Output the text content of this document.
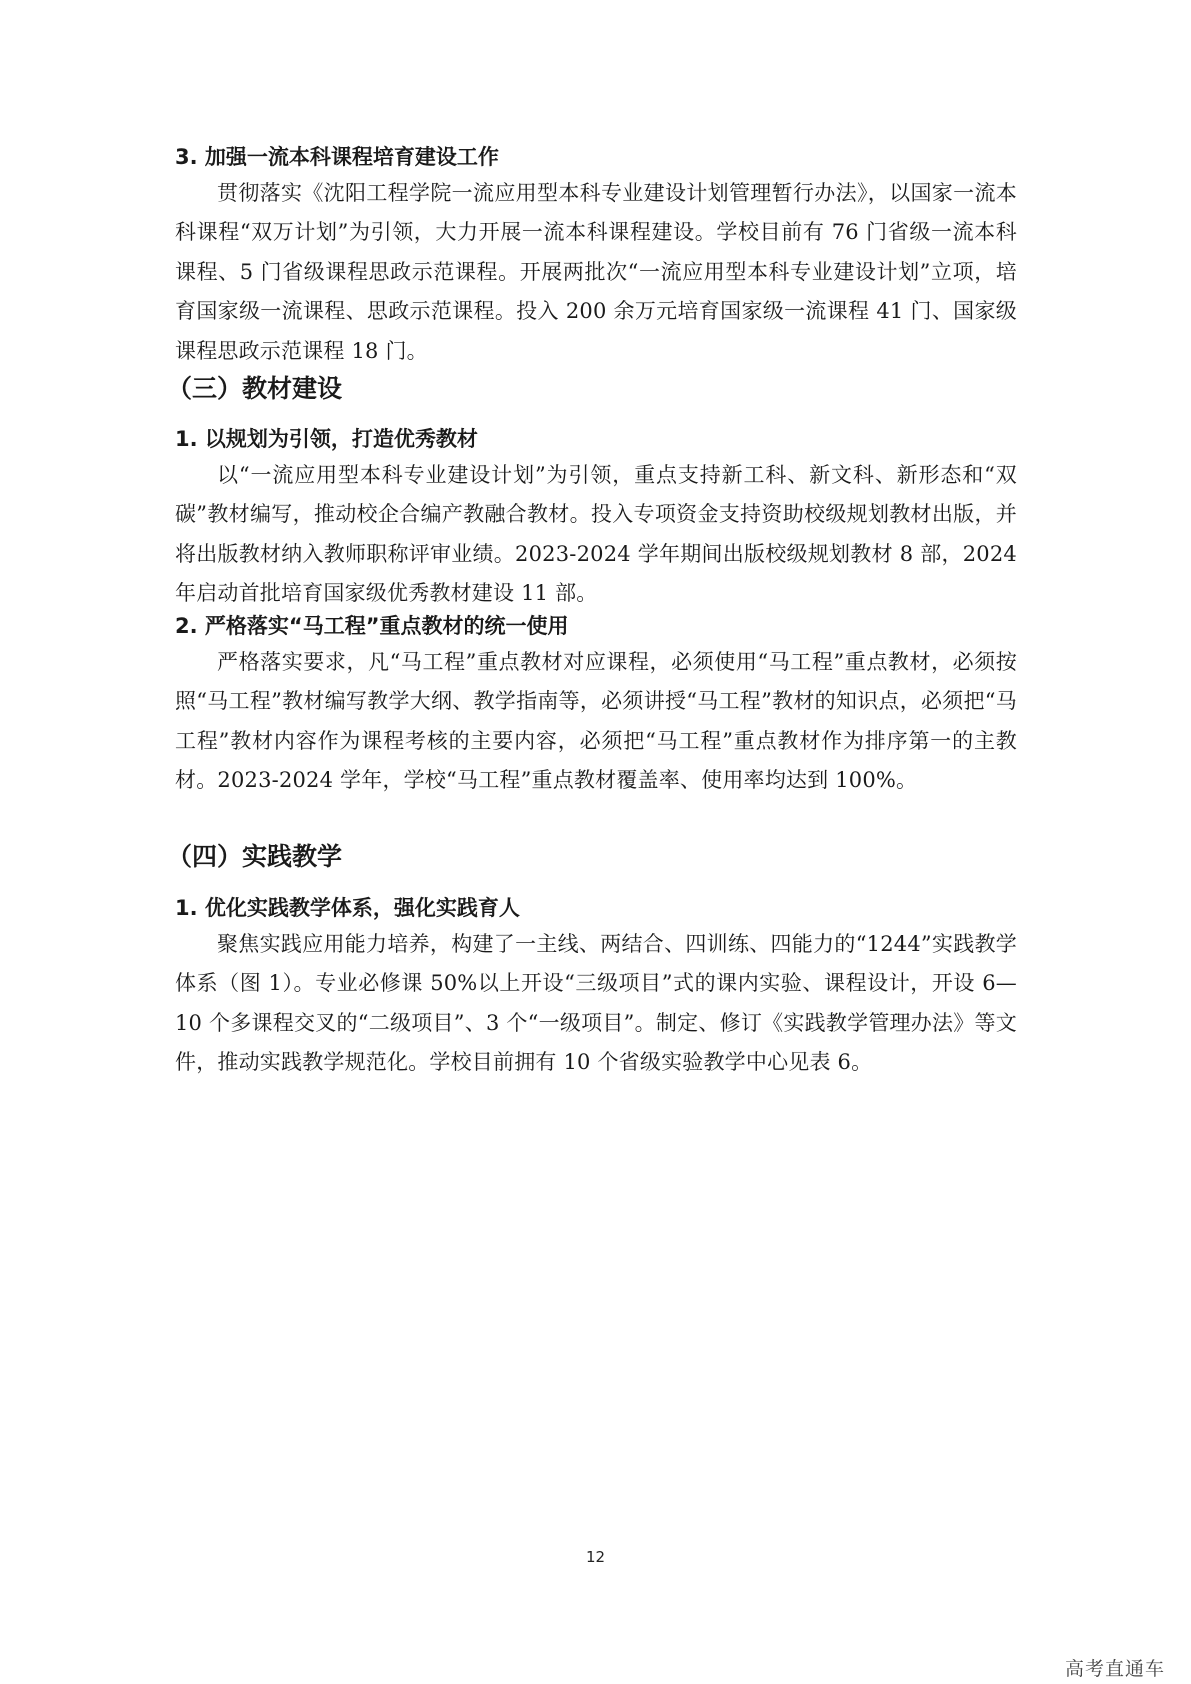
3. 加强一流本科课程培育建设工作
贯彻落实《沈阳工程学院一流应用型本科专业建设计划管理暂行办法》，以国家一流本科课程“双万计划”为引领，大力开展一流本科课程建设。学校目前有 76 门省级一流本科课程、5 门省级课程思政示范课程。开展两批次“一流应用型本科专业建设计划”立项，培育国家级一流课程、思政示范课程。投入 200 余万元培育国家级一流课程 41 门、国家级课程思政示范课程 18 门。
（三）教材建设
1. 以规划为引领，打造优秀教材
以“一流应用型本科专业建设计划”为引领，重点支持新工科、新文科、新形态和“双碳”教材编写，推动校企合编产教融合教材。投入专项资金支持资助校级规划教材出版，并将出版教材纳入教师职称评审业绩。2023-2024 学年期间出版校级规划教材 8 部，2024 年启动首批培育国家级优秀教材建设 11 部。
2. 严格落实“马工程”重点教材的统一使用
严格落实要求，凡“马工程”重点教材对应课程，必须使用“马工程”重点教材，必须按照“马工程”教材编写教学大纲、教学指南等，必须讲授“马工程”教材的知识点，必须把“马工程”教材内容作为课程考核的主要内容，必须把“马工程”重点教材作为排序第一的主教材。2023-2024 学年，学校“马工程”重点教材覆盖率、使用率均达到 100%。
（四）实践教学
1. 优化实践教学体系，强化实践育人
聚焦实践应用能力培养，构建了一主线、两结合、四训练、四能力的“1244”实践教学体系（图 1）。专业必修课 50%以上开设“三级项目”式的课内实验、课程设计，开设 6—10 个多课程交叉的“二级项目”、3 个“一级项目”。制定、修订《实践教学管理办法》等文件，推动实践教学规范化。学校目前拥有 10 个省级实验教学中心见表 6。
12
高考直通车
